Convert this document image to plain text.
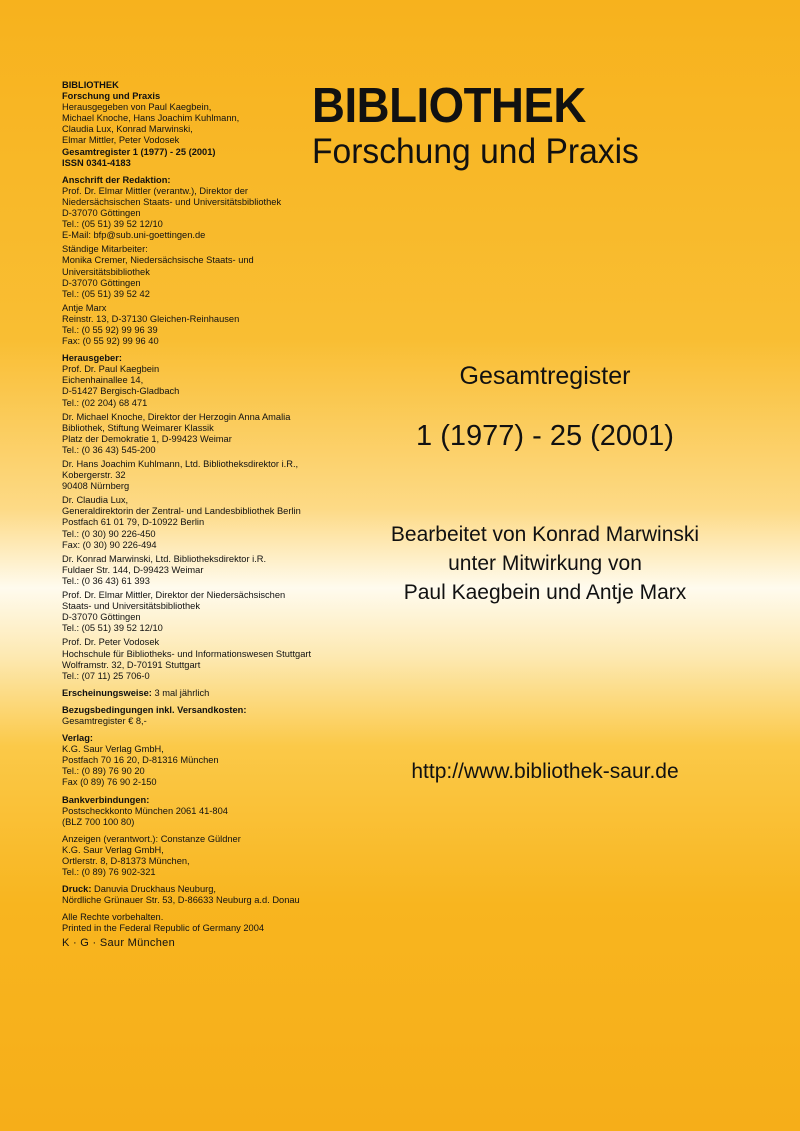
BIBLIOTHEK
Forschung und Praxis
Gesamtregister
1 (1977) - 25 (2001)
Bearbeitet von Konrad Marwinski
unter Mitwirkung von
Paul Kaegbein und Antje Marx
http://www.bibliothek-saur.de
BIBLIOTHEK
Forschung und Praxis
Herausgegeben von Paul Kaegbein,
Michael Knoche, Hans Joachim Kuhlmann,
Claudia Lux, Konrad Marwinski,
Elmar Mittler, Peter Vodosek
Gesamtregister 1 (1977) - 25 (2001)
ISSN 0341-4183
Anschrift der Redaktion:
Prof. Dr. Elmar Mittler (verantw.), Direktor der
Niedersächsischen Staats- und Universitätsbibliothek
D-37070 Göttingen
Tel.: (05 51) 39 52 12/10
E-Mail: bfp@sub.uni-goettingen.de
Ständige Mitarbeiter:
Monika Cremer, Niedersächsische Staats- und
Universitätsbibliothek
D-37070 Göttingen
Tel.: (05 51) 39 52 42
Antje Marx
Reinstr. 13, D-37130 Gleichen-Reinhausen
Tel.: (0 55 92) 99 96 39
Fax: (0 55 92) 99 96 40
Herausgeber:
Prof. Dr. Paul Kaegbein
Eichenhainallee 14,
D-51427 Bergisch-Gladbach
Tel.: (02 204) 68 471
Dr. Michael Knoche, Direktor der Herzogin Anna Amalia
Bibliothek, Stiftung Weimarer Klassik
Platz der Demokratie 1, D-99423 Weimar
Tel.: (0 36 43) 545-200
Dr. Hans Joachim Kuhlmann, Ltd. Bibliotheksdirektor i.R.,
Kobergerstr. 32
90408 Nürnberg
Dr. Claudia Lux,
Generaldirektorin der Zentral- und Landesbibliothek Berlin
Postfach 61 01 79, D-10922 Berlin
Tel.: (0 30) 90 226-450
Fax: (0 30) 90 226-494
Dr. Konrad Marwinski, Ltd. Bibliotheksdirektor i.R.
Fuldaer Str. 144, D-99423 Weimar
Tel.: (0 36 43) 61 393
Prof. Dr. Elmar Mittler, Direktor der Niedersächsischen
Staats- und Universitätsbibliothek
D-37070 Göttingen
Tel.: (05 51) 39 52 12/10
Prof. Dr. Peter Vodosek
Hochschule für Bibliotheks- und Informationswesen Stuttgart
Wolframstr. 32, D-70191 Stuttgart
Tel.: (07 11) 25 706-0
Erscheinungsweise: 3 mal jährlich
Bezugsbedingungen inkl. Versandkosten:
Gesamtregister € 8,-
Verlag:
K.G. Saur Verlag GmbH,
Postfach 70 16 20, D-81316 München
Tel.: (0 89) 76 90 20
Fax (0 89) 76 90 2-150
Bankverbindungen:
Postscheckkonto München 2061 41-804
(BLZ 700 100 80)
Anzeigen (verantwort.): Constanze Güldner
K.G. Saur Verlag GmbH,
Ortlerstr. 8, D-81373 München,
Tel.: (0 89) 76 902-321
Druck: Danuvia Druckhaus Neuburg,
Nördliche Grünauer Str. 53, D-86633 Neuburg a.d. Donau
Alle Rechte vorbehalten.
Printed in the Federal Republic of Germany 2004
K · G · Saur München
